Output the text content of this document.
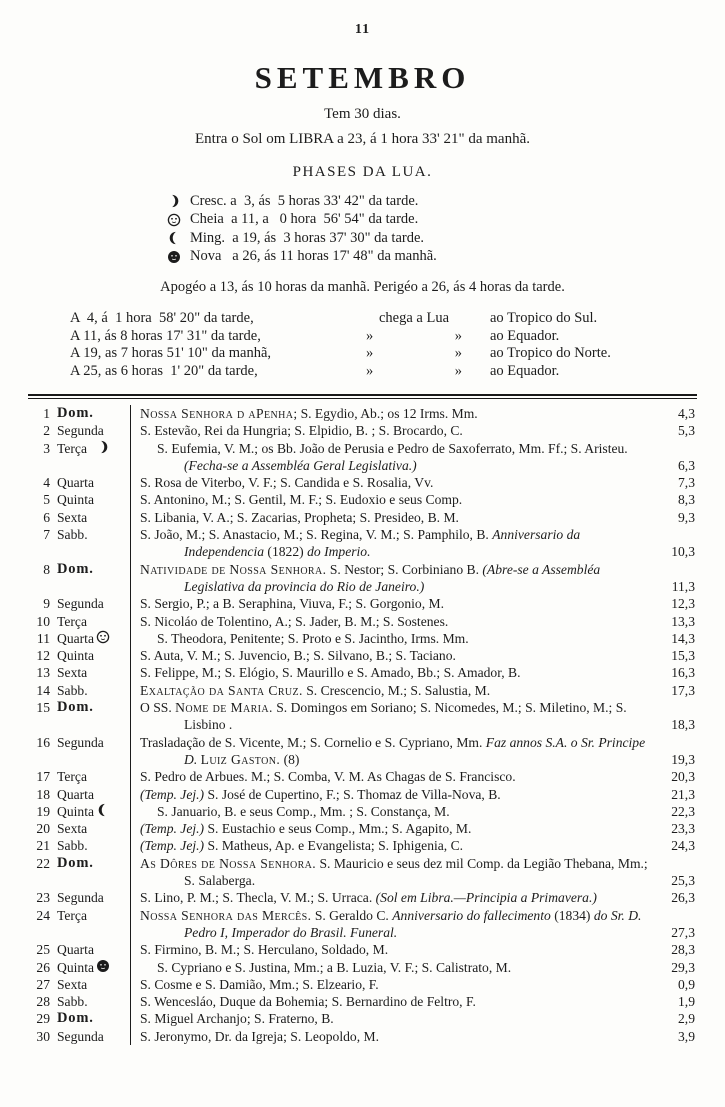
11
SETEMBRO
Tem 30 dias.
Entra o Sol om LIBRA a 23, á 1 hora 33' 21" da manhã.
PHASES DA LUA.
Cresc. a  3, ás  5 horas 33' 42" da tarde.
Cheia  a 11, a   0 hora  56' 54" da tarde.
Ming.  a 19, ás  3 horas 37' 30" da tarde.
Nova   a 26, ás 11 horas 17' 48" da manhã.
Apogéo a 13, ás 10 horas da manhã. Perigéo a 26, ás 4 horas da tarde.
A  4, á  1 hora  58' 20" da tarde,	chega a Lua	ao Tropico do Sul.
A 11, ás 8 horas 17' 31" da tarde,	»	» ao Equador.
A 19, as 7 horas 51' 10" da manhã,	»	» ao Tropico do Norte.
A 25, as 6 horas  1' 20" da tarde,	»	» ao Equador.
1 Dom.	Nossa Senhora d aPenha; S. Egydio, Ab.; os 12 Irms. Mm.	4,3
2 Segunda	S. Estevão, Rei da Hungria; S. Elpidio, B. ; S. Brocardo, C.	5,3
3 Terça	S. Eufemia, V. M.; os Bb. João de Perusia e Pedro de Saxoferrato, Mm. Ff.; S. Aristeu. (Fecha-se a Assembléa Geral Legislativa.)	6,3
4 Quarta	S. Rosa de Viterbo, V. F.; S. Candida e S. Rosalia, Vv.	7,3
5 Quinta	S. Antonino, M.; S. Gentil, M. F.; S. Eudoxio e seus Comp.	8,3
6 Sexta	S. Libania, V. A.; S. Zacarias, Propheta; S. Presideo, B. M.	9,3
7 Sabb.	S. João, M.; S. Anastacio, M.; S. Regina, V. M.; S. Pamphilo, B. Anniversario da Independencia (1822) do Imperio.	10,3
8 Dom.	Natividade de Nossa Senhora. S. Nestor; S. Corbiniano B. (Abre-se a Assembléa Legislativa da provincia do Rio de Janeiro.)	11,3
9 Segunda	S. Sergio, P.; a B. Seraphina, Viuva, F.; S. Gorgonio, M.	12,3
10 Terça	S. Nicoláo de Tolentino, A.; S. Jader, B. M.; S. Sostenes.	13,3
11 Quarta	S. Theodora, Penitente; S. Proto e S. Jacintho, Irms. Mm.	14,3
12 Quinta	S. Auta, V. M.; S. Juvencio, B.; S. Silvano, B.; S. Taciano.	15,3
13 Sexta	S. Felippe, M.; S. Elógio, S. Maurillo e S. Amado, Bb.; S. Amador, B.	16,3
14 Sabb.	Exaltação da Santa Cruz. S. Crescencio, M.; S. Salustia, M.	17,3
15 Dom.	O SS. Nome de Maria. S. Domingos em Soriano; S. Nicomedes, M.; S. Miletino, M.; S. Lisbino .	18,3
16 Segunda	Trasladação de S. Vicente, M.; S. Cornelio e S. Cypriano, Mm. Faz annos S.A. o Sr. Principe D. Luiz Gaston. (8)	19,3
17 Terça	S. Pedro de Arbues. M.; S. Comba, V. M. As Chagas de S. Francisco.	20,3
18 Quarta	(Temp. Jej.) S. José de Cupertino, F.; S. Thomaz de Villa-Nova, B.	21,3
19 Quinta	S. Januario, B. e seus Comp., Mm. ; S. Constança, M.	22,3
20 Sexta	(Temp. Jej.) S. Eustachio e seus Comp., Mm.; S. Agapito, M.	23,3
21 Sabb.	(Temp. Jej.) S. Matheus, Ap. e Evangelista; S. Iphigenia, C.	24,3
22 Dom.	As Dôres de Nossa Senhora. S. Mauricio e seus dez mil Comp. da Legião Thebana, Mm.; S. Salaberga.	25,3
23 Segunda	S. Lino, P. M.; S. Thecla, V. M.; S. Urraca. (Sol em Libra.—Principia a Primavera.)	26,3
24 Terça	Nossa Senhora das Mercês. S. Geraldo C. Anniversario do fallecimento (1834) do Sr. D. Pedro I, Imperador do Brasil. Funeral.	27,3
25 Quarta	S. Firmino, B. M.; S. Herculano, Soldado, M.	28,3
26 Quinta	S. Cypriano e S. Justina, Mm.; a B. Luzia, V. F.; S. Calistrato, M.	29,3
27 Sexta	S. Cosme e S. Damião, Mm.; S. Elzeario, F.	0,9
28 Sabb.	S. Wencesláo, Duque da Bohemia; S. Bernardino de Feltro, F.	1,9
29 Dom.	S. Miguel Archanjo; S. Fraterno, B.	2,9
30 Segunda	S. Jeronymo, Dr. da Igreja; S. Leopoldo, M.	3,9
